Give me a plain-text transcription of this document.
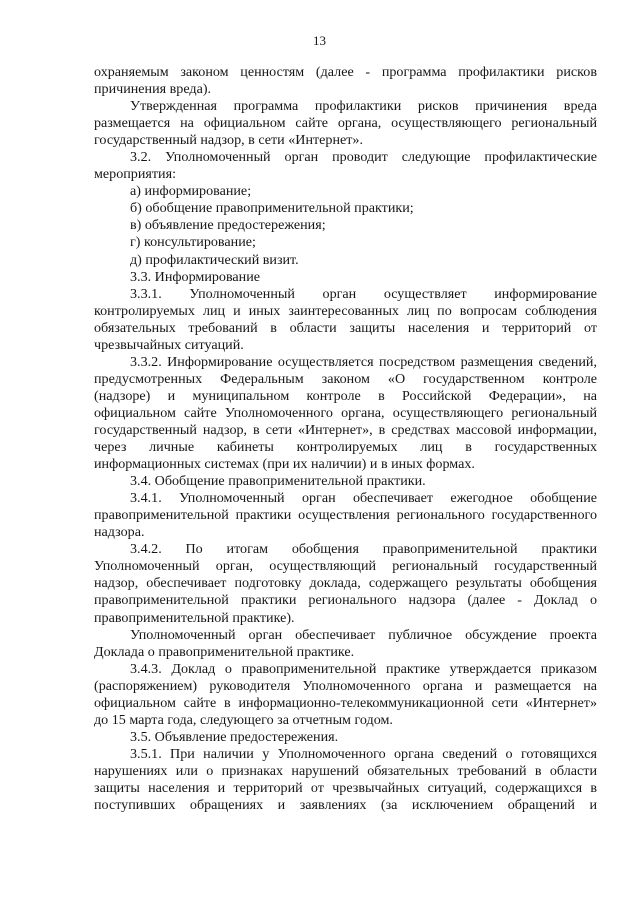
13
охраняемым законом ценностям (далее - программа профилактики рисков
причинения вреда).
Утвержденная программа профилактики рисков причинения вреда
размещается на официальном сайте органа, осуществляющего региональный
государственный надзор, в сети «Интернет».
3.2. Уполномоченный орган проводит следующие профилактические
мероприятия:
а) информирование;
б) обобщение правоприменительной практики;
в) объявление предостережения;
г) консультирование;
д) профилактический визит.
3.3. Информирование
3.3.1. Уполномоченный орган осуществляет информирование
контролируемых лиц и иных заинтересованных лиц по вопросам соблюдения
обязательных требований в области защиты населения и территорий от
чрезвычайных ситуаций.
3.3.2. Информирование осуществляется посредством размещения сведений,
предусмотренных Федеральным законом «О государственном контроле
(надзоре) и муниципальном контроле в Российской Федерации», на
официальном сайте Уполномоченного органа, осуществляющего региональный
государственный надзор, в сети «Интернет», в средствах массовой информации,
через личные кабинеты контролируемых лиц в государственных
информационных системах (при их наличии) и в иных формах.
3.4. Обобщение правоприменительной практики.
3.4.1. Уполномоченный орган обеспечивает ежегодное обобщение
правоприменительной практики осуществления регионального государственного
надзора.
3.4.2. По итогам обобщения правоприменительной практики
Уполномоченный орган, осуществляющий региональный государственный
надзор, обеспечивает подготовку доклада, содержащего результаты обобщения
правоприменительной практики регионального надзора (далее - Доклад о
правоприменительной практике).
Уполномоченный орган обеспечивает публичное обсуждение проекта
Доклада о правоприменительной практике.
3.4.3. Доклад о правоприменительной практике утверждается приказом
(распоряжением) руководителя Уполномоченного органа и размещается на
официальном сайте в информационно-телекоммуникационной сети «Интернет»
до 15 марта года, следующего за отчетным годом.
3.5. Объявление предостережения.
3.5.1. При наличии у Уполномоченного органа сведений о готовящихся
нарушениях или о признаках нарушений обязательных требований в области
защиты населения и территорий от чрезвычайных ситуаций, содержащихся в
поступивших обращениях и заявлениях (за исключением обращений и
